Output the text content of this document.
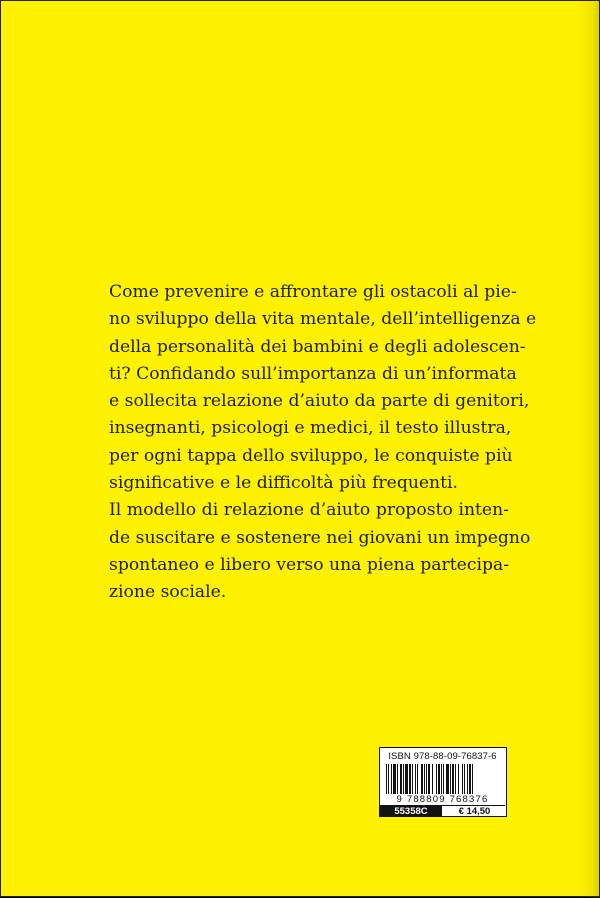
Come prevenire e affrontare gli ostacoli al pie-
no sviluppo della vita mentale, dell’intelligenza e
della personalità dei bambini e degli adolescen-
ti? Confidando sull’importanza di un’informata
e sollecita relazione d’aiuto da parte di genitori,
insegnanti, psicologi e medici, il testo illustra,
per ogni tappa dello sviluppo, le conquiste più
significative e le difficoltà più frequenti.
Il modello di relazione d’aiuto proposto inten-
de suscitare e sostenere nei giovani un impegno
spontaneo e libero verso una piena partecipa-
zione sociale.

ISBN 978-88-09-76837-6
9 788809 768376
55358C	€ 14,50
